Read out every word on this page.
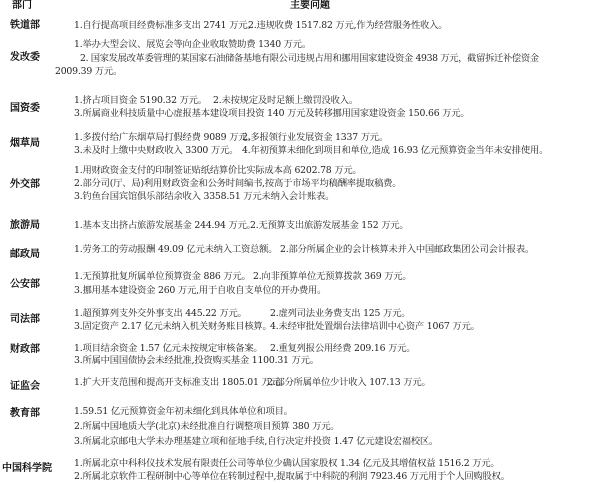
部门	主要问题
铁道部	1.自行提高项目经费标准多支出 2741 万元。
2.违规收费 1517.82 万元,作为经营服务性收入。
发改委
1.举办大型会议、展览会等向企业收取赞助费 1340 万元。
2. 国家发展改革委管理的某国家石油储备基地有限公司违规占用和挪用国家建设资金 4938 万元，截留拆迁补偿资金
2009.39 万元。
国资委
1.挤占项目资金 5190.32 万元。 2.未按规定及时足额上缴罚没收入。
3.所属商业科技质量中心虚报基本建设项目投资 140 万元及转移挪用国家建设资金 150.66 万元。
烟草局
1.多拨付给广东烟草局打假经费 9089 万元。
2.多报领行业发展资金 1337 万元。
3.未及时上缴中央财政收入 3300 万元。 4.年初预算未细化到项目和单位,造成 16.93 亿元预算资金当年未安排使用。
外交部
1.用财政资金支付的印制签证贴纸结算价比实际成本高 6202.78 万元。
2.部分司(厅、局)利用财政资金和公务时间编书,按高于市场平均稿酬率提取稿费。
3.钓鱼台国宾馆俱乐部结余收入 3358.51 万元未纳入会计账表。
旅游局	1.基本支出挤占旅游发展基金 244.94 万元。
2.无预算支出旅游发展基金 152 万元。
邮政局	1.劳务工的劳动报酬 49.09 亿元未纳入工资总额。 2.部分所属企业的会计核算未并入中国邮政集团公司会计报表。
公安部
1.无预算批复所属单位预算资金 886 万元。 2.向非预算单位无预算拨款 369 万元。
3.挪用基本建设资金 260 万元,用于自收自支单位的开办费用。
司法部
1.超预算列支外交外事支出 445.22 万元。	2.虚列司法业务费支出 125 万元。
3.固定资产 2.17 亿元未纳入机关财务账目核算。
4.未经审批处置烟台法律培训中心资产 1067 万元。
财政部	1.项目结余资金 1.57 亿元未按规定审核备案。 2.重复列报公用经费 209.16 万元。
3.所属中国国债协会未经批准,投资购买基金 1100.31 万元。
证监会	1.扩大开支范围和提高开支标准支出 1805.01 万元。
2.部分所属单位少计收入 107.13 万元。
教育部	1.59.51 亿元预算资金年初未细化到具体单位和项目。
2.所属中国地质大学(北京)未经批准自行调整项目预算 380 万元。
3.所属北京邮电大学未办理基建立项和征地手续,自行决定并投资 1.47 亿元建设宏福校区。
中国科学院 1.所属北京中科科仪技术发展有限责任公司等单位少确认国家股权 1.34 亿元及其增值权益 1516.2 万元。
2.所属北京软件工程研制中心等单位在转制过程中,提取属于中科院的利润 7923.46 万元用于个人回购股权。
